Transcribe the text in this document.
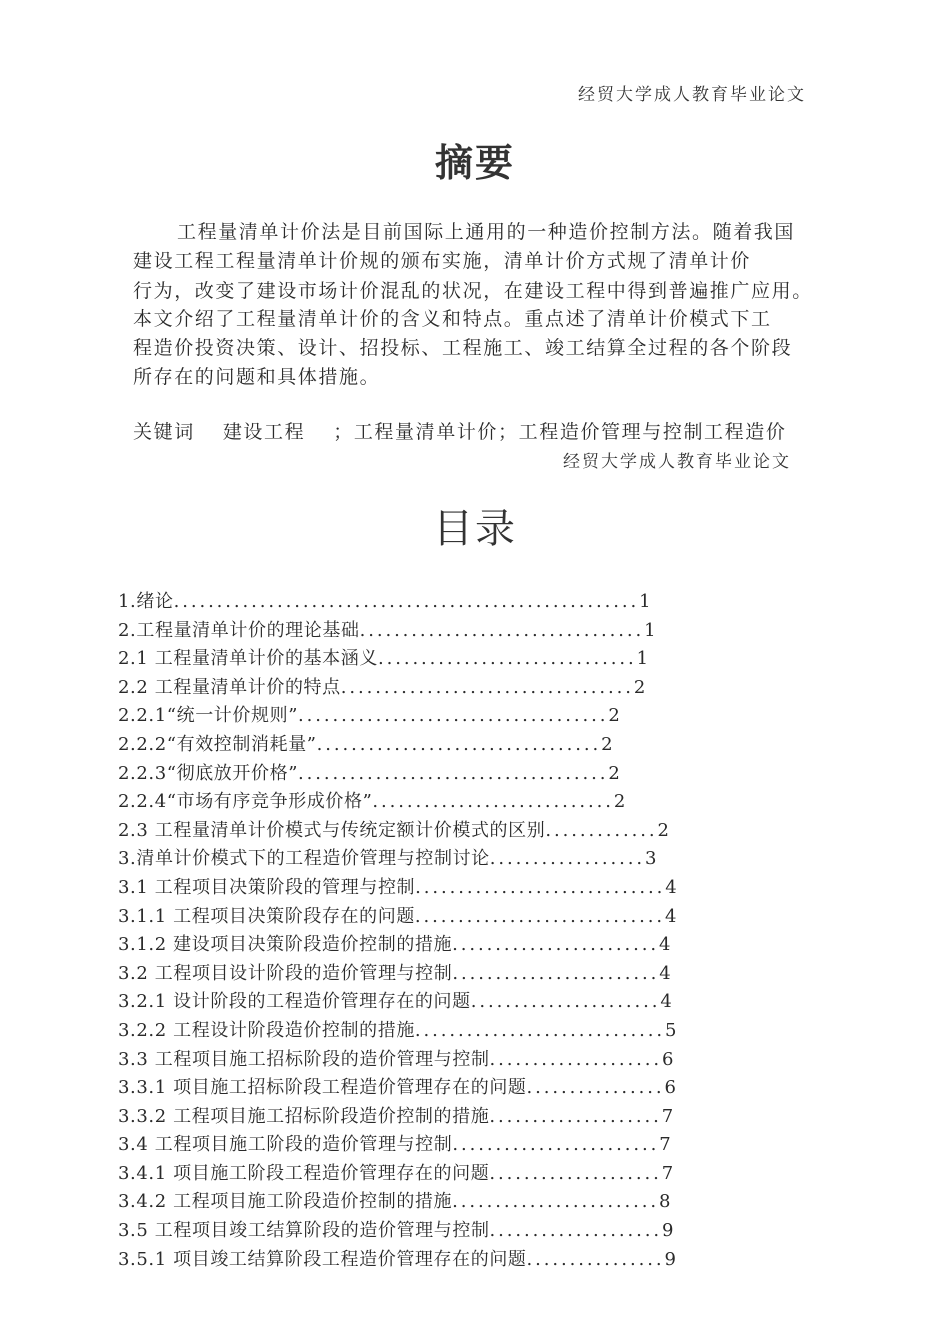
经贸大学成人教育毕业论文
摘要
工程量清单计价法是目前国际上通用的一种造价控制方法。随着我国
建设工程工程量清单计价规的颁布实施，清单计价方式规了清单计价
行为，改变了建设市场计价混乱的状况，在建设工程中得到普遍推广应用。
本文介绍了工程量清单计价的含义和特点。重点述了清单计价模式下工
程造价投资决策、设计、招投标、工程施工、竣工结算全过程的各个阶段
所存在的问题和具体措施。
关键词 建设工程 ；工程量清单计价；工程造价管理与控制工程造价
经贸大学成人教育毕业论文
目录
1.绪论......................................................1
2.工程量清单计价的理论基础.................................1
2.1 工程量清单计价的基本涵义..............................1
2.2 工程量清单计价的特点..................................2
2.2.1“统一计价规则”....................................2
2.2.2“有效控制消耗量”.................................2
2.2.3“彻底放开价格”....................................2
2.2.4“市场有序竞争形成价格”............................2
2.3 工程量清单计价模式与传统定额计价模式的区别.............2
3.清单计价模式下的工程造价管理与控制讨论..................3
3.1 工程项目决策阶段的管理与控制.............................4
3.1.1 工程项目决策阶段存在的问题.............................4
3.1.2 建设项目决策阶段造价控制的措施........................4
3.2 工程项目设计阶段的造价管理与控制........................4
3.2.1 设计阶段的工程造价管理存在的问题......................4
3.2.2 工程设计阶段造价控制的措施.............................5
3.3 工程项目施工招标阶段的造价管理与控制....................6
3.3.1 项目施工招标阶段工程造价管理存在的问题................6
3.3.2 工程项目施工招标阶段造价控制的措施....................7
3.4 工程项目施工阶段的造价管理与控制........................7
3.4.1 项目施工阶段工程造价管理存在的问题....................7
3.4.2 工程项目施工阶段造价控制的措施........................8
3.5 工程项目竣工结算阶段的造价管理与控制....................9
3.5.1 项目竣工结算阶段工程造价管理存在的问题................9
